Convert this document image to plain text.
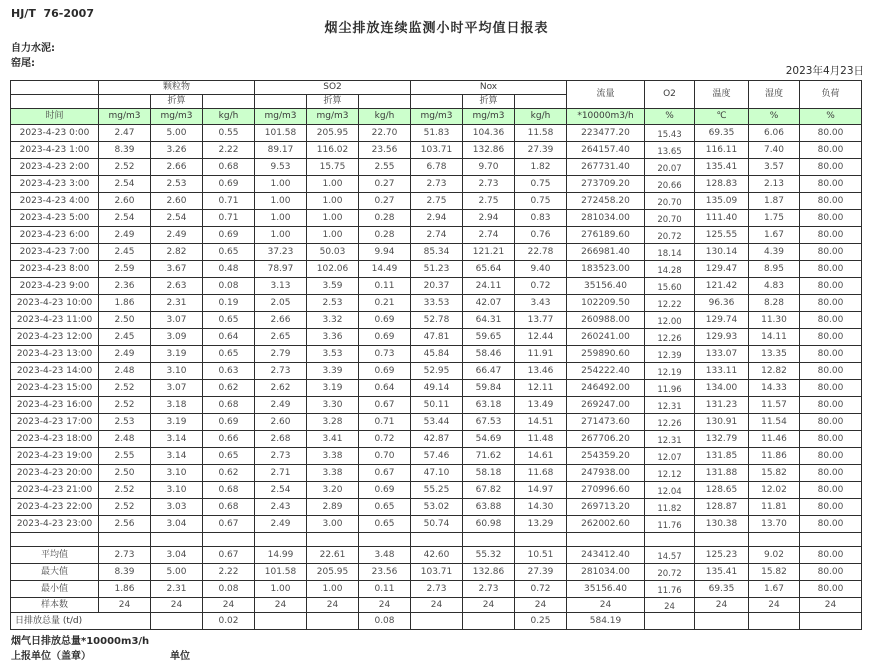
HJ/T  76-2007
烟尘排放连续监测小时平均值日报表
自力水泥:
窑尾:
2023年4月23日
	颗粒物			SO2			Nox			流量	O2	温度	湿度	负荷
		折算			折算			折算						
时间	mg/m3	mg/m3	kg/h	mg/m3	mg/m3	kg/h	mg/m3	mg/m3	kg/h	*10000m3/h	%	℃	%	%
2023-4-23 0:00	2.47	5.00	0.55	101.58	205.95	22.70	51.83	104.36	11.58	223477.20	15.43	69.35	6.06	80.00
2023-4-23 1:00	8.39	3.26	2.22	89.17	116.02	23.56	103.71	132.86	27.39	264157.40	13.65	116.11	7.40	80.00
2023-4-23 2:00	2.52	2.66	0.68	9.53	15.75	2.55	6.78	9.70	1.82	267731.40	20.07	135.41	3.57	80.00
2023-4-23 3:00	2.54	2.53	0.69	1.00	1.00	0.27	2.73	2.73	0.75	273709.20	20.66	128.83	2.13	80.00
2023-4-23 4:00	2.60	2.60	0.71	1.00	1.00	0.27	2.75	2.75	0.75	272458.20	20.70	135.09	1.87	80.00
2023-4-23 5:00	2.54	2.54	0.71	1.00	1.00	0.28	2.94	2.94	0.83	281034.00	20.70	111.40	1.75	80.00
2023-4-23 6:00	2.49	2.49	0.69	1.00	1.00	0.28	2.74	2.74	0.76	276189.60	20.72	125.55	1.67	80.00
2023-4-23 7:00	2.45	2.82	0.65	37.23	50.03	9.94	85.34	121.21	22.78	266981.40	18.14	130.14	4.39	80.00
2023-4-23 8:00	2.59	3.67	0.48	78.97	102.06	14.49	51.23	65.64	9.40	183523.00	14.28	129.47	8.95	80.00
2023-4-23 9:00	2.36	2.63	0.08	3.13	3.59	0.11	20.37	24.11	0.72	35156.40	15.60	121.42	4.83	80.00
2023-4-23 10:00	1.86	2.31	0.19	2.05	2.53	0.21	33.53	42.07	3.43	102209.50	12.22	96.36	8.28	80.00
2023-4-23 11:00	2.50	3.07	0.65	2.66	3.32	0.69	52.78	64.31	13.77	260988.00	12.00	129.74	11.30	80.00
2023-4-23 12:00	2.45	3.09	0.64	2.65	3.36	0.69	47.81	59.65	12.44	260241.00	12.26	129.93	14.11	80.00
2023-4-23 13:00	2.49	3.19	0.65	2.79	3.53	0.73	45.84	58.46	11.91	259890.60	12.39	133.07	13.35	80.00
2023-4-23 14:00	2.48	3.10	0.63	2.73	3.39	0.69	52.95	66.47	13.46	254222.40	12.19	133.11	12.82	80.00
2023-4-23 15:00	2.52	3.07	0.62	2.62	3.19	0.64	49.14	59.84	12.11	246492.00	11.96	134.00	14.33	80.00
2023-4-23 16:00	2.52	3.18	0.68	2.49	3.30	0.67	50.11	63.18	13.49	269247.00	12.31	131.23	11.57	80.00
2023-4-23 17:00	2.53	3.19	0.69	2.60	3.28	0.71	53.44	67.53	14.51	271473.60	12.26	130.91	11.54	80.00
2023-4-23 18:00	2.48	3.14	0.66	2.68	3.41	0.72	42.87	54.69	11.48	267706.20	12.31	132.79	11.46	80.00
2023-4-23 19:00	2.55	3.14	0.65	2.73	3.38	0.70	57.46	71.62	14.61	254359.20	12.07	131.85	11.86	80.00
2023-4-23 20:00	2.50	3.10	0.62	2.71	3.38	0.67	47.10	58.18	11.68	247938.00	12.12	131.88	15.82	80.00
2023-4-23 21:00	2.52	3.10	0.68	2.54	3.20	0.69	55.25	67.82	14.97	270996.60	12.04	128.65	12.02	80.00
2023-4-23 22:00	2.52	3.03	0.68	2.43	2.89	0.65	53.02	63.88	14.30	269713.20	11.82	128.87	11.81	80.00
2023-4-23 23:00	2.56	3.04	0.67	2.49	3.00	0.65	50.74	60.98	13.29	262002.60	11.76	130.38	13.70	80.00

平均值	2.73	3.04	0.67	14.99	22.61	3.48	42.60	55.32	10.51	243412.40	14.57	125.23	9.02	80.00
最大值	8.39	5.00	2.22	101.58	205.95	23.56	103.71	132.86	27.39	281034.00	20.72	135.41	15.82	80.00
最小值	1.86	2.31	0.08	1.00	1.00	0.11	2.73	2.73	0.72	35156.40	11.76	69.35	1.67	80.00
样本数	24	24	24	24	24	24	24	24	24	24	24	24	24	24
日排放总量 (t/d)			0.02			0.08			0.25	584.19				
烟气日排放总量*10000m3/h
上报单位（盖章）	单位
